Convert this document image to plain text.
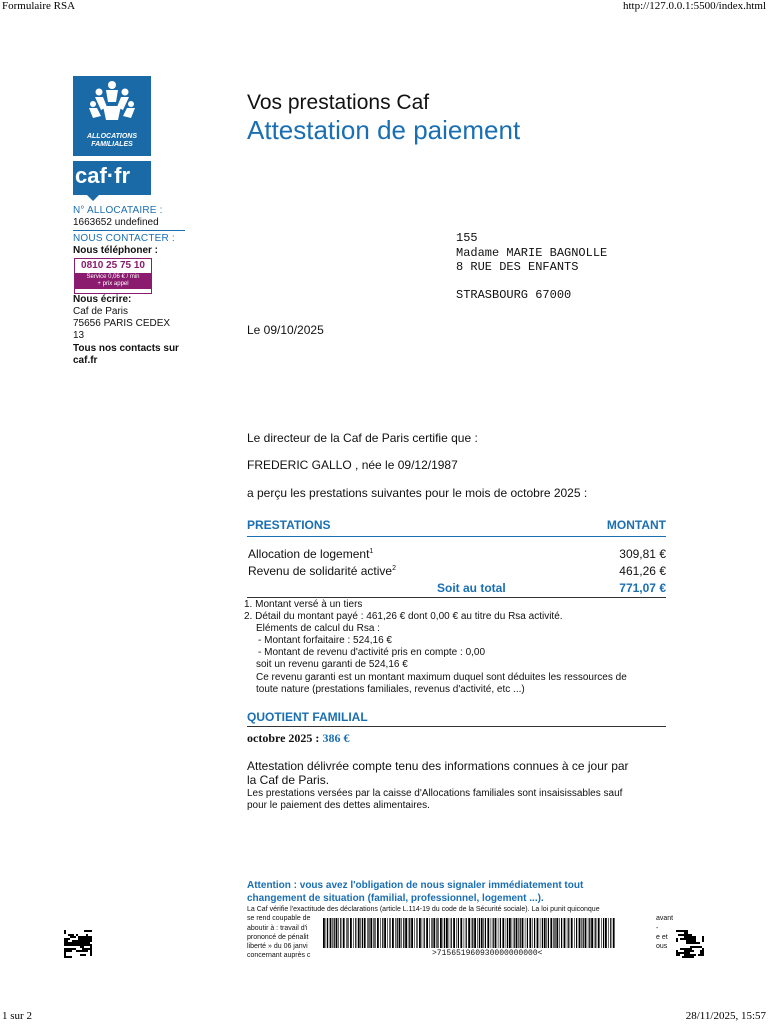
Formulaire RSA	http://127.0.0.1:5500/index.html
ALLOCATIONS
FAMILIALES
caf·fr
N° ALLOCATAIRE :
1663652 undefined
NOUS CONTACTER :
Nous téléphoner :
0810 25 75 10
Service 0,06 € / min
+ prix appel
Nous écrire:
Caf de Paris
75656 PARIS CEDEX
13
Tous nos contacts sur
caf.fr
Vos prestations Caf
Attestation de paiement
155
Madame MARIE BAGNOLLE
8 RUE DES ENFANTS
STRASBOURG 67000
Le 09/10/2025
Le directeur de la Caf de Paris certifie que :
FREDERIC GALLO , née le 09/12/1987
a perçu les prestations suivantes pour le mois de octobre 2025 :
PRESTATIONS	MONTANT
Allocation de logement$^1$	309,81 €
Revenu de solidarité active$^2$	461,26 €
Soit au total	771,07 €
1. Montant versé à un tiers
2. Détail du montant payé : 461,26 € dont 0,00 € au titre du Rsa activité.
Eléments de calcul du Rsa :
- Montant forfaitaire : 524,16 €
- Montant de revenu d'activité pris en compte : 0,00
soit un revenu garanti de 524,16 €
Ce revenu garanti est un montant maximum duquel sont déduites les ressources de
toute nature (prestations familiales, revenus d'activité, etc ...)
QUOTIENT FAMILIAL
octobre 2025 : 386 €
Attestation délivrée compte tenu des informations connues à ce jour par
la Caf de Paris.
Les prestations versées par la caisse d'Allocations familiales sont insaisissables sauf
pour le paiement des dettes alimentaires.
Attention : vous avez l'obligation de nous signaler immédiatement tout
changement de situation (familial, professionnel, logement ...).
La Caf vérifie l'exactitude des déclarations (article L.114-19 du code de la Sécurité sociale). La loi punit quiconque
se rend coupable de	avant
aboutir à : travail d'i	-
prononcé de pénalit	e et
liberté » du 06 janvi	ous
concernant auprès c	>715651960930000000000<
1 sur 2	28/11/2025, 15:57
